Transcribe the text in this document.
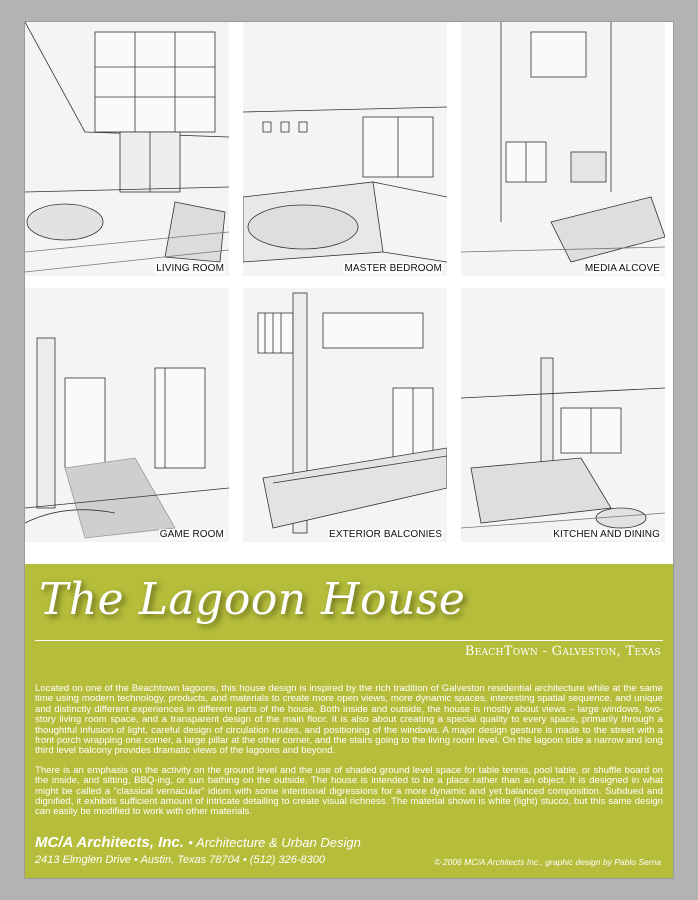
LIVING ROOM	MASTER BEDROOM	MEDIA ALCOVE
GAME ROOM	EXTERIOR BALCONIES	KITCHEN AND DINING
The Lagoon House
BeachTown - Galveston, Texas

Located on one of the Beachtown lagoons, this house design is inspired by the rich tradition of Galveston residential architecture while at the same time using modern technology, products, and materials to create more open views, more dynamic spaces, interesting spatial sequence, and unique and distinctly different experiences in different parts of the house. Both inside and outside, the house is mostly about views – large windows, two-story living room space, and a transparent design of the main floor. It is also about creating a special quality to every space, primarily through a thoughtful infusion of light, careful design of circulation routes, and positioning of the windows. A major design gesture is made to the street with a front porch wrapping one corner, a large pillar at the other corner, and the stairs going to the living room level. On the lagoon side a narrow and long third level balcony provides dramatic views of the lagoons and beyond.

There is an emphasis on the activity on the ground level and the use of shaded ground level space for table tennis, pool table, or shuffle board on the inside, and sitting, BBQ-ing, or sun bathing on the outside. The house is intended to be a place rather than an object. It is designed in what might be called a “classical vernacular” idiom with some intentional digressions for a more dynamic and yet balanced composition. Subdued and dignified, it exhibits sufficient amount of intricate detailing to create visual richness. The material shown is white (light) stucco, but this same design can easily be modified to work with other materials.

MC/A Architects, Inc. • Architecture & Urban Design
2413 Elmglen Drive • Austin, Texas 78704 • (512) 326-8300	© 2006 MC/A Architects Inc., graphic design by Pablo Serna
